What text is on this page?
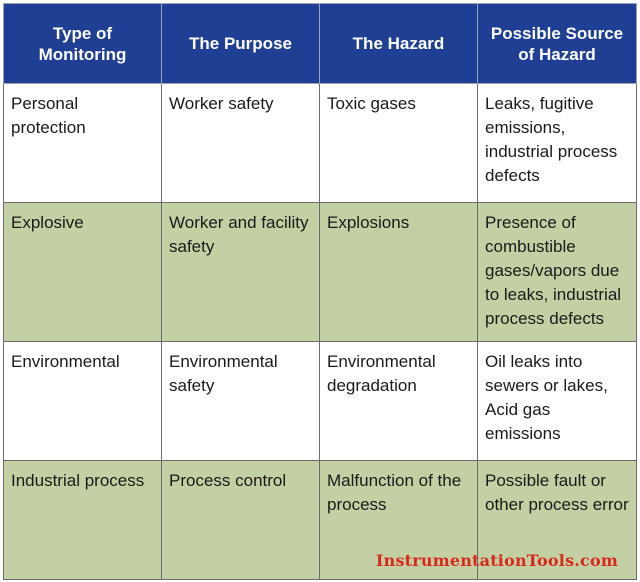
Type of Monitoring	The Purpose	The Hazard	Possible Source of Hazard
Personal protection	Worker safety	Toxic gases	Leaks, fugitive emissions, industrial process defects
Explosive	Worker and facility safety	Explosions	Presence of combustible gases/vapors due to leaks, industrial process defects
Environmental	Environmental safety	Environmental degradation	Oil leaks into sewers or lakes, Acid gas emissions
Industrial process	Process control	Malfunction of the process	Possible fault or other process error
InstrumentationTools.com
